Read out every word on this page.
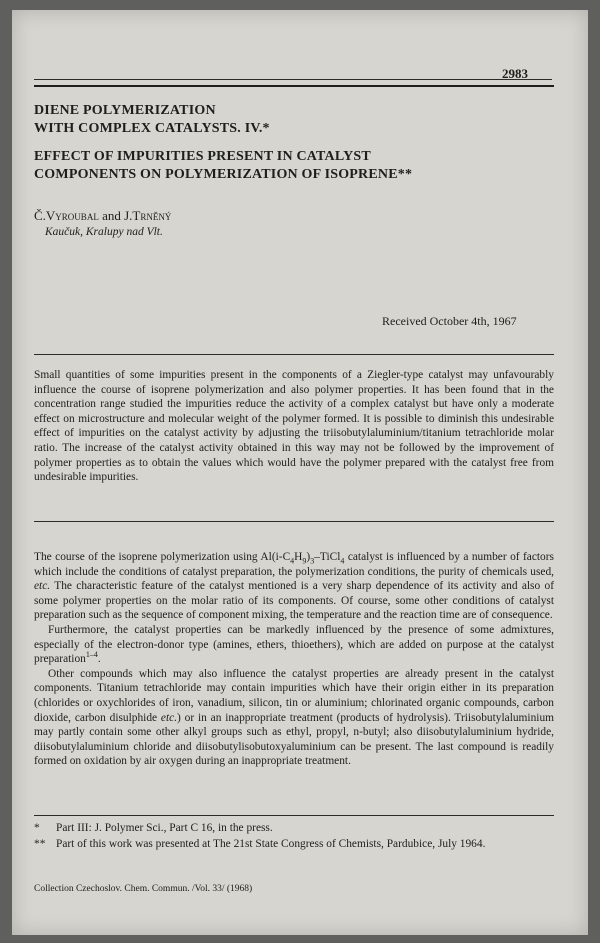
2983
DIENE POLYMERIZATION
WITH COMPLEX CATALYSTS. IV.*
EFFECT OF IMPURITIES PRESENT IN CATALYST
COMPONENTS ON POLYMERIZATION OF ISOPRENE**
Č.Vyroubal and J.Trněný
Kaučuk, Kralupy nad Vlt.
Received October 4th, 1967

Small quantities of some impurities present in the components of a Ziegler-type catalyst may unfavourably influence the course of isoprene polymerization and also polymer properties. It has been found that in the concentration range studied the impurities reduce the activity of a complex catalyst but have only a moderate effect on microstructure and molecular weight of the polymer formed. It is possible to diminish this undesirable effect of impurities on the catalyst activity by adjusting the triisobutylaluminium/titanium tetrachloride molar ratio. The increase of the catalyst activity obtained in this way may not be followed by the improvement of polymer properties as to obtain the values which would have the polymer prepared with the catalyst free from undesirable impurities.

The course of the isoprene polymerization using $Al(i-C_4H_9)_3-TiCl_4$ catalyst is influenced by a number of factors which include the conditions of catalyst preparation, the polymerization conditions, the purity of chemicals used, etc. The characteristic feature of the catalyst mentioned is a very sharp dependence of its activity and also of some polymer properties on the molar ratio of its components. Of course, some other conditions of catalyst preparation such as the sequence of component mixing, the temperature and the reaction time are of consequence.

Furthermore, the catalyst properties can be markedly influenced by the presence of some admixtures, especially of the electron-donor type (amines, ethers, thioethers), which are added on purpose at the catalyst preparation$^{1-4}$.

Other compounds which may also influence the catalyst properties are already present in the catalyst components. Titanium tetrachloride may contain impurities which have their origin either in its preparation (chlorides or oxychlorides of iron, vanadium, silicon, tin or aluminium; chlorinated organic compounds, carbon dioxide, carbon disulphide etc.) or in an inappropriate treatment (products of hydrolysis). Triisobutylaluminium may partly contain some other alkyl groups such as ethyl, propyl, n-butyl; also diisobutylaluminium hydride, diisobutylaluminium chloride and diisobutylisobutoxyaluminium can be present. The last compound is readily formed on oxidation by air oxygen during an inappropriate treatment.

*	Part III: J. Polymer Sci., Part C 16, in the press.
** Part of this work was presented at The 21st State Congress of Chemists, Pardubice, July 1964.
Collection Czechoslov. Chem. Commun. /Vol. 33/ (1968)
